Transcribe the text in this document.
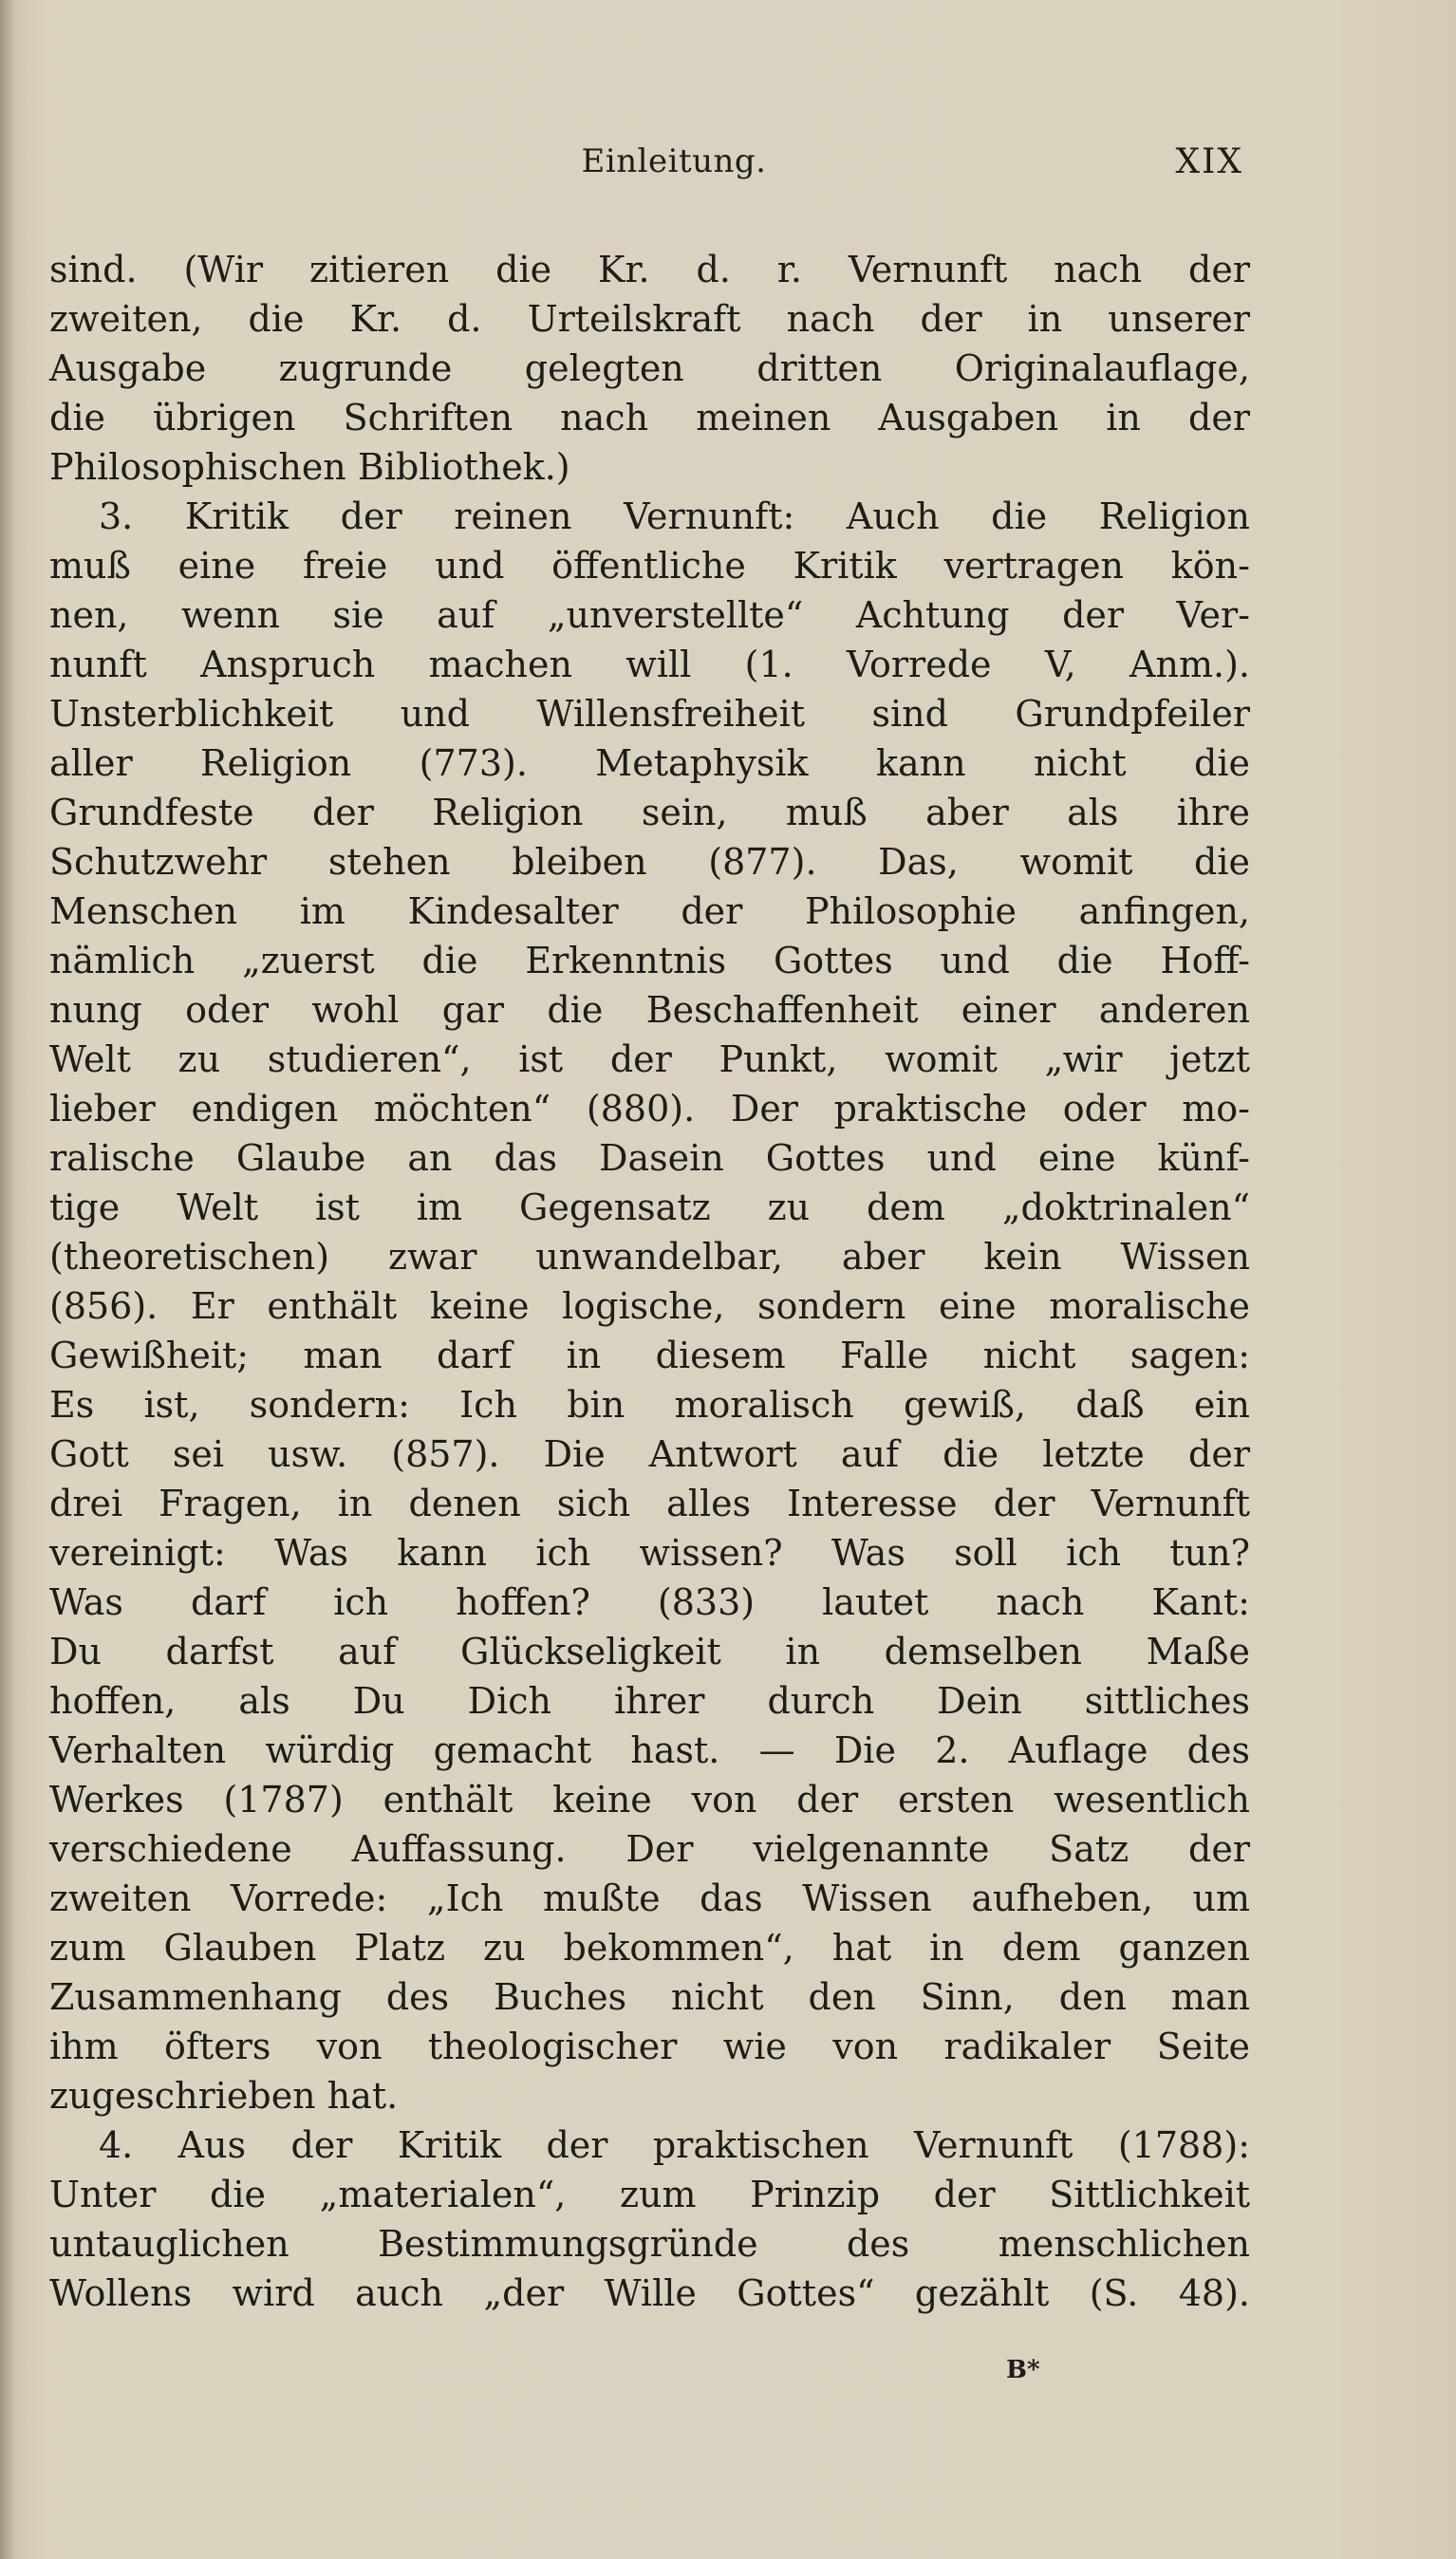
Einleitung.	XIX
sind. (Wir zitieren die Kr. d. r. Vernunft nach der
zweiten, die Kr. d. Urteilskraft nach der in unserer
Ausgabe zugrunde gelegten dritten Originalauflage,
die übrigen Schriften nach meinen Ausgaben in der
Philosophischen Bibliothek.)
3. Kritik der reinen Vernunft: Auch die Religion
muß eine freie und öffentliche Kritik vertragen kön-
nen, wenn sie auf „unverstellte“ Achtung der Ver-
nunft Anspruch machen will (1. Vorrede V, Anm.).
Unsterblichkeit und Willensfreiheit sind Grundpfeiler
aller Religion (773). Metaphysik kann nicht die
Grundfeste der Religion sein, muß aber als ihre
Schutzwehr stehen bleiben (877). Das, womit die
Menschen im Kindesalter der Philosophie anfingen,
nämlich „zuerst die Erkenntnis Gottes und die Hoff-
nung oder wohl gar die Beschaffenheit einer anderen
Welt zu studieren“, ist der Punkt, womit „wir jetzt
lieber endigen möchten“ (880). Der praktische oder mo-
ralische Glaube an das Dasein Gottes und eine künf-
tige Welt ist im Gegensatz zu dem „doktrinalen“
(theoretischen) zwar unwandelbar, aber kein Wissen
(856). Er enthält keine logische, sondern eine moralische
Gewißheit; man darf in diesem Falle nicht sagen:
Es ist, sondern: Ich bin moralisch gewiß, daß ein
Gott sei usw. (857). Die Antwort auf die letzte der
drei Fragen, in denen sich alles Interesse der Vernunft
vereinigt: Was kann ich wissen? Was soll ich tun?
Was darf ich hoffen? (833) lautet nach Kant:
Du darfst auf Glückseligkeit in demselben Maße
hoffen, als Du Dich ihrer durch Dein sittliches
Verhalten würdig gemacht hast. — Die 2. Auflage des
Werkes (1787) enthält keine von der ersten wesentlich
verschiedene Auffassung. Der vielgenannte Satz der
zweiten Vorrede: „Ich mußte das Wissen aufheben, um
zum Glauben Platz zu bekommen“, hat in dem ganzen
Zusammenhang des Buches nicht den Sinn, den man
ihm öfters von theologischer wie von radikaler Seite
zugeschrieben hat.
4. Aus der Kritik der praktischen Vernunft (1788):
Unter die „materialen“, zum Prinzip der Sittlichkeit
untauglichen Bestimmungsgründe des menschlichen
Wollens wird auch „der Wille Gottes“ gezählt (S. 48).
B*
